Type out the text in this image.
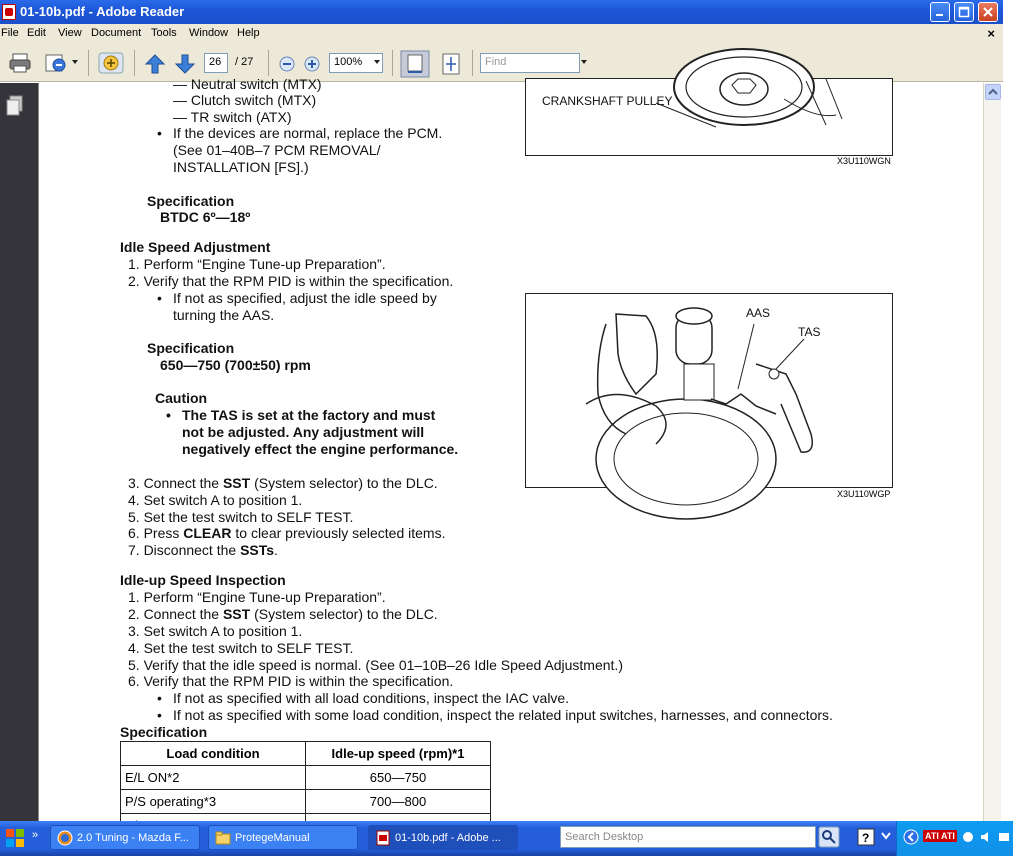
01-10b.pdf - Adobe Reader
File Edit View Document Tools Window Help	×
26	/ 27	100%	Find
— Neutral switch (MTX)
— Clutch switch (MTX)
— TR switch (ATX)
• If the devices are normal, replace the PCM.
(See 01–40B–7 PCM REMOVAL/
INSTALLATION [FS].)
Specification
BTDC 6º—18º
CRANKSHAFT PULLEY
X3U110WGN
Idle Speed Adjustment
1. Perform “Engine Tune-up Preparation”.
2. Verify that the RPM PID is within the specification.
• If not as specified, adjust the idle speed by
turning the AAS.
Specification
650—750 (700±50) rpm
Caution
• The TAS is set at the factory and must
not be adjusted. Any adjustment will
negatively effect the engine performance.
AAS
TAS
X3U110WGP
3. Connect the SST (System selector) to the DLC.
4. Set switch A to position 1.
5. Set the test switch to SELF TEST.
6. Press CLEAR to clear previously selected items.
7. Disconnect the SSTs.
Idle-up Speed Inspection
1. Perform “Engine Tune-up Preparation”.
2. Connect the SST (System selector) to the DLC.
3. Set switch A to position 1.
4. Set the test switch to SELF TEST.
5. Verify that the idle speed is normal. (See 01–10B–26 Idle Speed Adjustment.)
6. Verify that the RPM PID is within the specification.
• If not as specified with all load conditions, inspect the IAC valve.
• If not as specified with some load condition, inspect the related input switches, harnesses, and connectors.
Specification
Load condition	Idle-up speed (rpm)*1
E/L ON*2	650—750
P/S operating*3	700—800

»	2.0 Tuning - Mazda F...	ProtegeManual	01-10b.pdf - Adobe ...	Search Desktop	?	ATI ATI
